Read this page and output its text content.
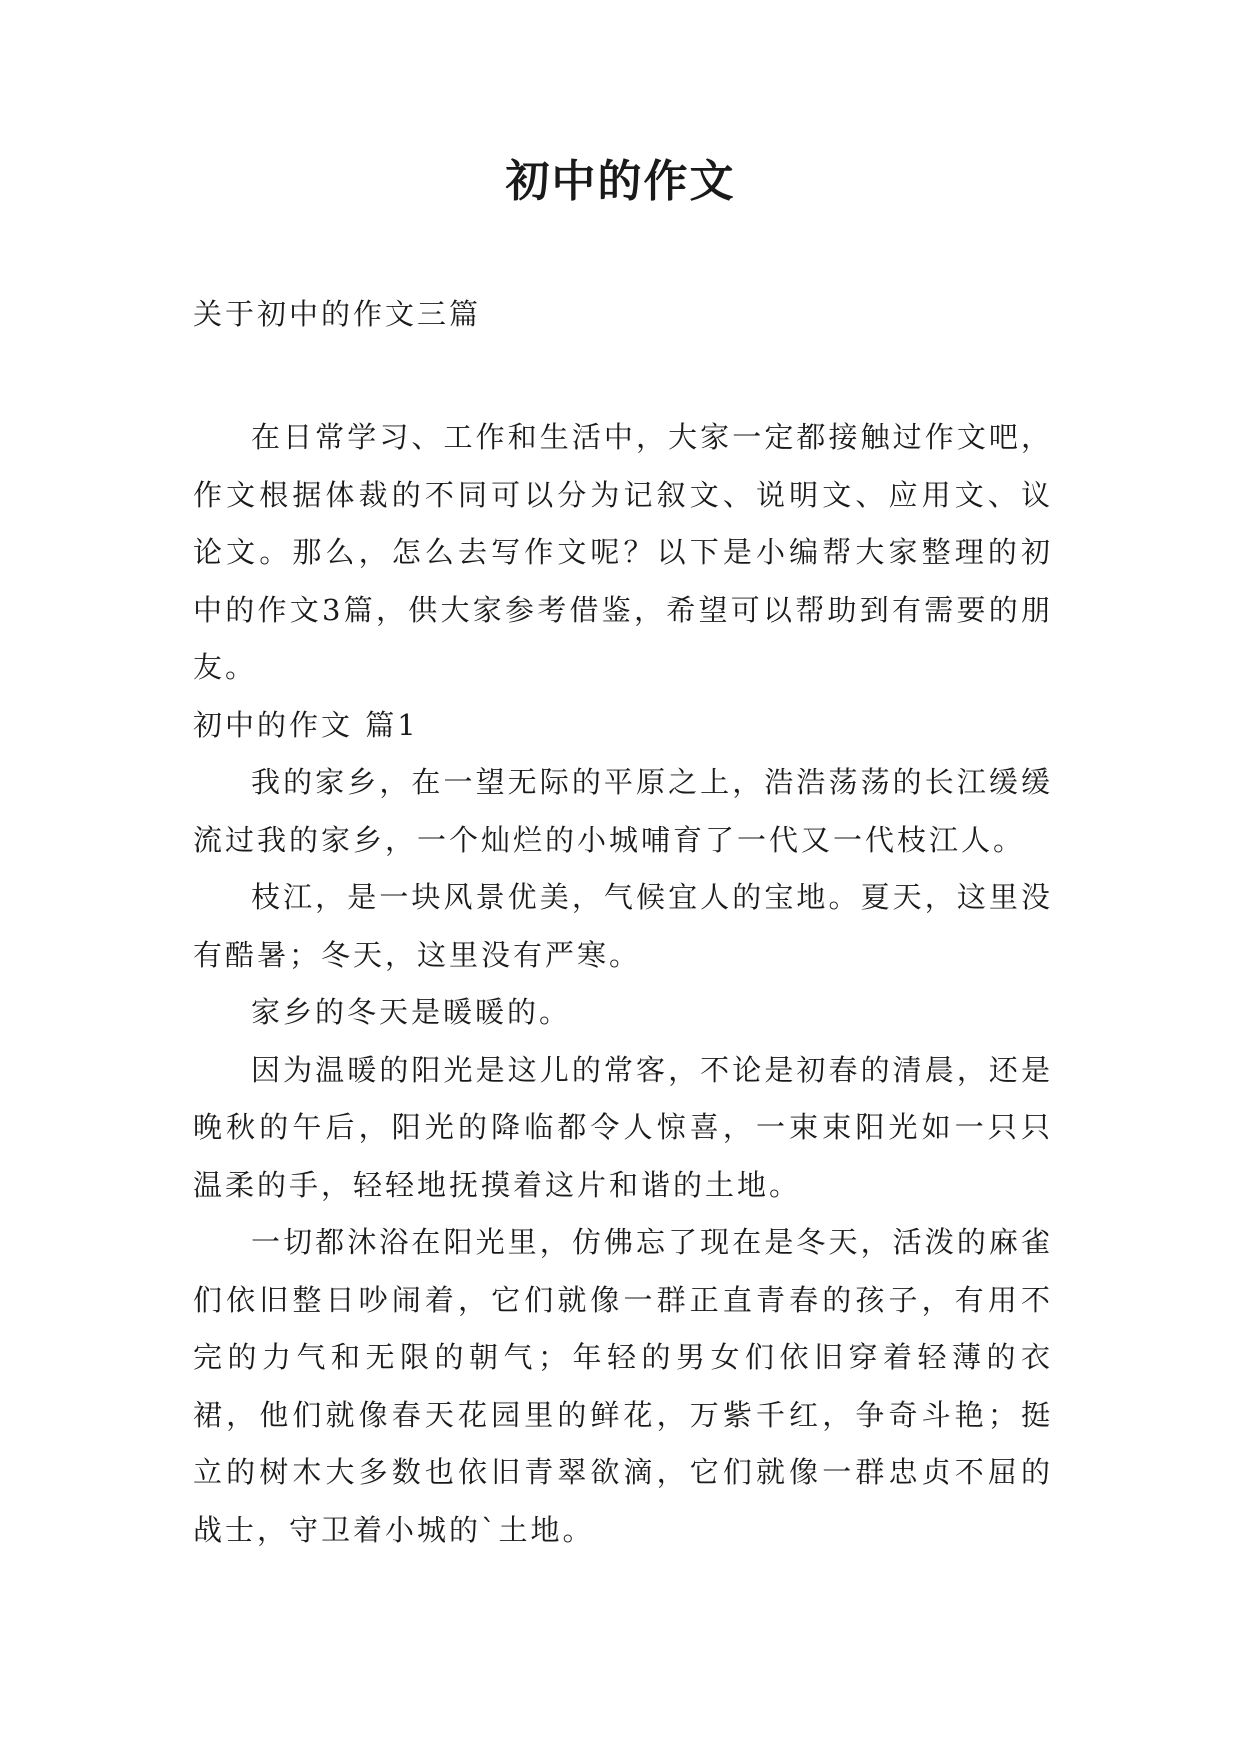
初中的作文
关于初中的作文三篇

在日常学习、工作和生活中，大家一定都接触过作文吧，作文根据体裁的不同可以分为记叙文、说明文、应用文、议论文。那么，怎么去写作文呢？以下是小编帮大家整理的初中的作文3篇，供大家参考借鉴，希望可以帮助到有需要的朋友。

初中的作文 篇1

我的家乡，在一望无际的平原之上，浩浩荡荡的长江缓缓流过我的家乡，一个灿烂的小城哺育了一代又一代枝江人。

枝江，是一块风景优美，气候宜人的宝地。夏天，这里没有酷暑；冬天，这里没有严寒。

家乡的冬天是暖暖的。

因为温暖的阳光是这儿的常客，不论是初春的清晨，还是晚秋的午后，阳光的降临都令人惊喜，一束束阳光如一只只温柔的手，轻轻地抚摸着这片和谐的土地。

一切都沐浴在阳光里，仿佛忘了现在是冬天，活泼的麻雀们依旧整日吵闹着，它们就像一群正直青春的孩子，有用不完的力气和无限的朝气；年轻的男女们依旧穿着轻薄的衣裙，他们就像春天花园里的鲜花，万紫千红，争奇斗艳；挺立的树木大多数也依旧青翠欲滴，它们就像一群忠贞不屈的战士，守卫着小城的`土地。
